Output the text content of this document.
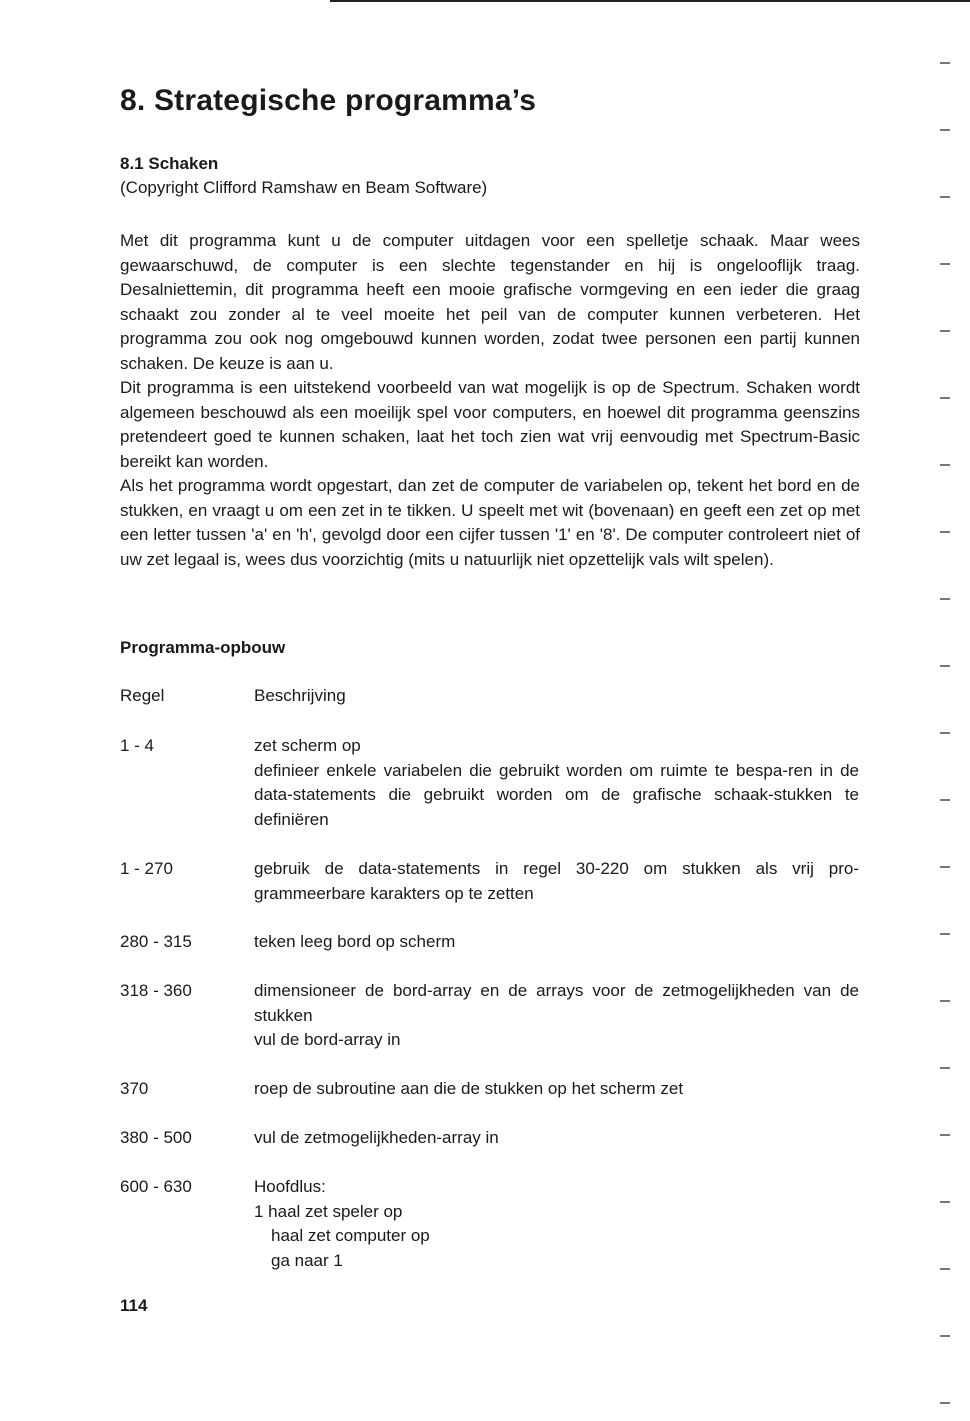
8. Strategische programma’s
8.1 Schaken
(Copyright Clifford Ramshaw en Beam Software)

Met dit programma kunt u de computer uitdagen voor een spelletje schaak. Maar wees gewaarschuwd, de computer is een slechte tegenstander en hij is ongelooflijk traag. Desalniettemin, dit programma heeft een mooie grafische vormgeving en een ieder die graag schaakt zou zonder al te veel moeite het peil van de computer kunnen verbeteren. Het programma zou ook nog omgebouwd kunnen worden, zodat twee personen een partij kunnen schaken. De keuze is aan u.

Dit programma is een uitstekend voorbeeld van wat mogelijk is op de Spectrum. Schaken wordt algemeen beschouwd als een moeilijk spel voor computers, en hoewel dit programma geenszins pretendeert goed te kunnen schaken, laat het toch zien wat vrij eenvoudig met Spectrum-Basic bereikt kan worden.

Als het programma wordt opgestart, dan zet de computer de variabelen op, tekent het bord en de stukken, en vraagt u om een zet in te tikken. U speelt met wit (bovenaan) en geeft een zet op met een letter tussen 'a' en 'h', gevolgd door een cijfer tussen '1' en '8'. De computer controleert niet of uw zet legaal is, wees dus voorzichtig (mits u natuurlijk niet opzettelijk vals wilt spelen).

Programma-opbouw
Regel	Beschrijving
1 - 4	zet scherm op
definieer enkele variabelen die gebruikt worden om ruimte te bespa-ren in de data-statements die gebruikt worden om de grafische schaak-stukken te definiëren
1 - 270	gebruik de data-statements in regel 30-220 om stukken als vrij pro-grammeerbare karakters op te zetten
280 - 315	teken leeg bord op scherm
318 - 360	dimensioneer de bord-array en de arrays voor de zetmogelijkheden van de stukken
vul de bord-array in
370	roep de subroutine aan die de stukken op het scherm zet
380 - 500	vul de zetmogelijkheden-array in
600 - 630	Hoofdlus:
1 haal zet speler op
haal zet computer op
ga naar 1
114
